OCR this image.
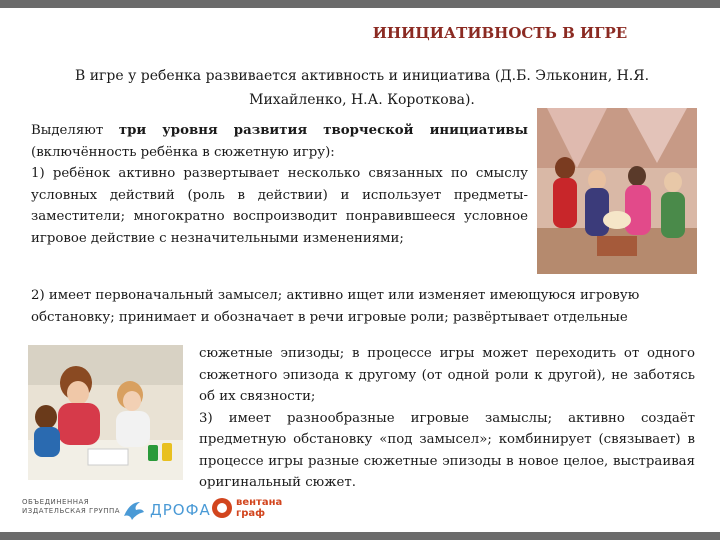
ИНИЦИАТИВНОСТЬ В ИГРЕ
В игре у ребенка развивается активность и инициатива (Д.Б. Эльконин, Н.Я. Михайленко, Н.А. Короткова).
Выделяют три уровня развития творческой инициативы (включённость ребёнка в сюжетную игру):
1) ребёнок активно развертывает несколько связанных по смыслу условных действий (роль в действии) и использует предметы-заместители; многократно воспроизводит понравившееся условное игровое действие с незначительными изменениями;
2) имеет первоначальный замысел; активно ищет или изменяет имеющуюся игровую обстановку; принимает и обозначает в речи игровые роли; развёртывает отдельные
сюжетные эпизоды; в процессе игры может переходить от одного сюжетного эпизода к другому (от одной роли к другой), не заботясь об их связности;
3) имеет разнообразные игровые замыслы; активно создаёт предметную обстановку «под замысел»; комбинирует (связывает) в процессе игры разные сюжетные эпизоды в новое целое, выстраивая оригинальный сюжет.
ОБЪЕДИНЕННАЯ
ИЗДАТЕЛЬСКАЯ ГРУППА ДРОФА	вентана
граф
